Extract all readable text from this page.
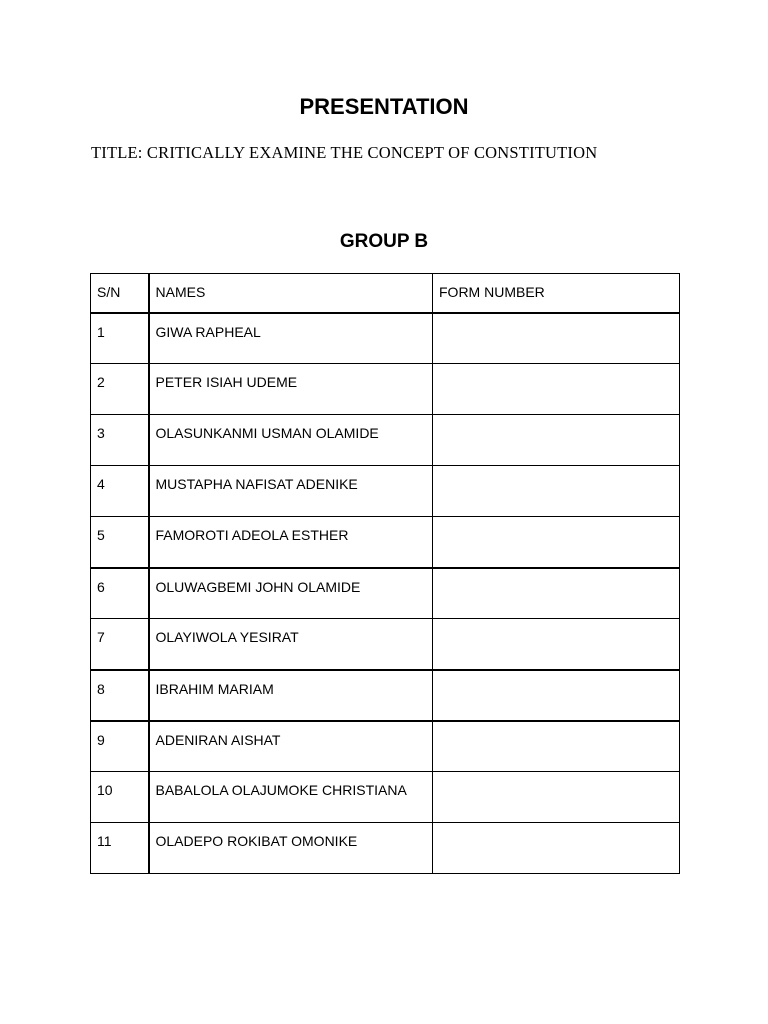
PRESENTATION

TITLE: CRITICALLY EXAMINE THE CONCEPT OF CONSTITUTION

GROUP B
S/N	NAMES	FORM NUMBER
1	GIWA RAPHEAL	
2	PETER ISIAH UDEME	
3	OLASUNKANMI USMAN OLAMIDE	
4	MUSTAPHA NAFISAT ADENIKE	
5	FAMOROTI ADEOLA ESTHER	
6	OLUWAGBEMI JOHN OLAMIDE	
7	OLAYIWOLA YESIRAT	
8	IBRAHIM MARIAM	
9	ADENIRAN AISHAT	
10	BABALOLA OLAJUMOKE CHRISTIANA	
11	OLADEPO ROKIBAT OMONIKE	
